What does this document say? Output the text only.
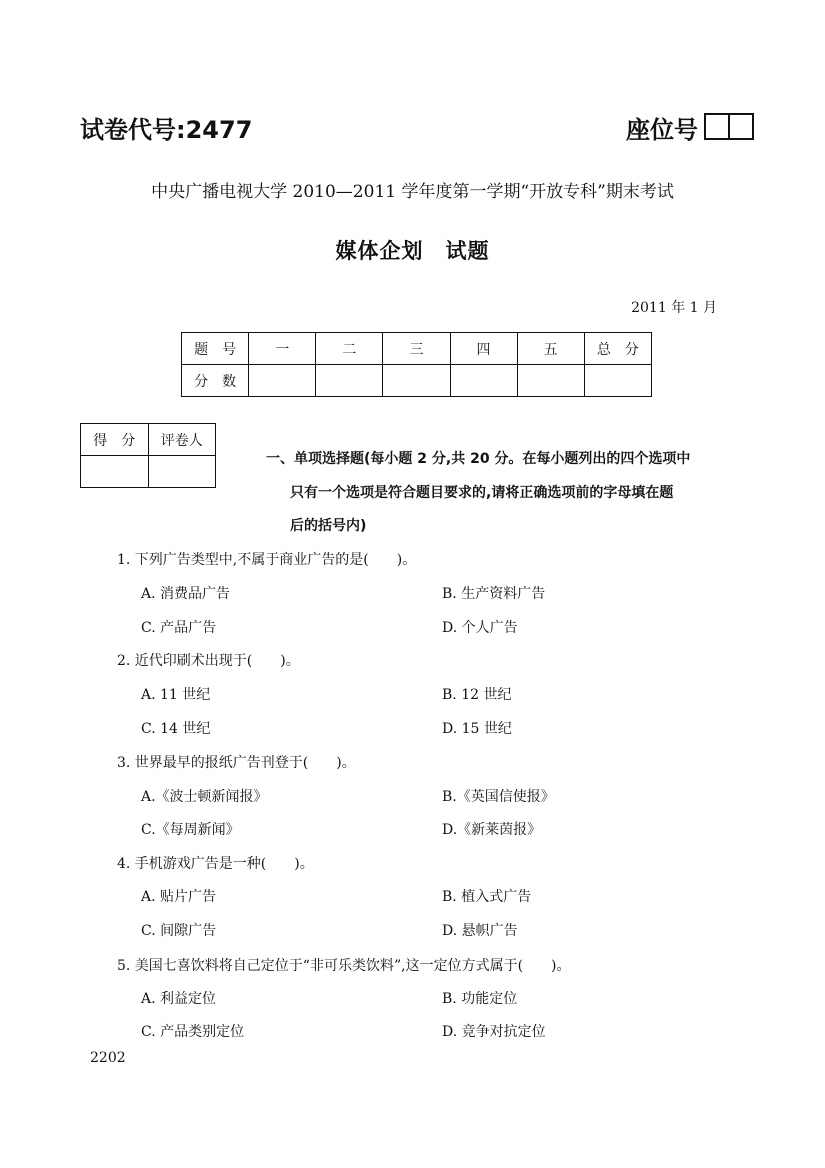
试卷代号:2477	座位号
中央广播电视大学 2010—2011 学年度第一学期“开放专科”期末考试
媒体企划　试题
2011 年 1 月
题　号	一	二	三	四	五	总　分
分　数						
得　分	评卷人

一、单项选择题(每小题 2 分,共 20 分。在每小题列出的四个选项中
只有一个选项是符合题目要求的,请将正确选项前的字母填在题
后的括号内)
1. 下列广告类型中,不属于商业广告的是(　　)。
A. 消费品广告	B. 生产资料广告
C. 产品广告	D. 个人广告
2. 近代印刷术出现于(　　)。
A. 11 世纪	B. 12 世纪
C. 14 世纪	D. 15 世纪
3. 世界最早的报纸广告刊登于(　　)。
A.《波士顿新闻报》	B.《英国信使报》
C.《每周新闻》	D.《新莱茵报》
4. 手机游戏广告是一种(　　)。
A. 贴片广告	B. 植入式广告
C. 间隙广告	D. 悬帜广告
5. 美国七喜饮料将自己定位于“非可乐类饮料”,这一定位方式属于(　　)。
A. 利益定位	B. 功能定位
C. 产品类别定位	D. 竞争对抗定位
2202
